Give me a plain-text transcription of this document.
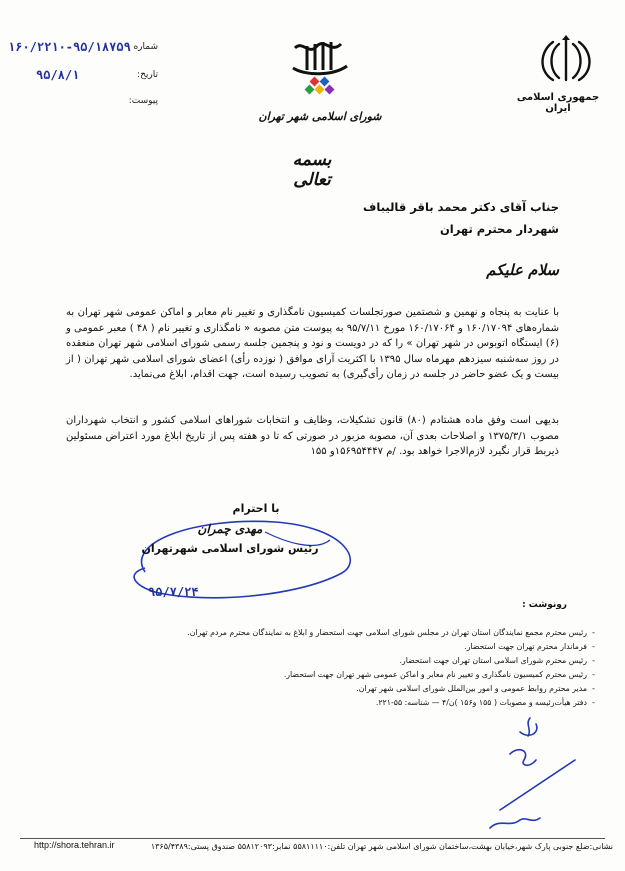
جمهوری اسلامی ایران
شورای اسلامی شهر تهران
شماره
۱۶۰/۲۲۱۰-۹۵/۱۸۷۵۹
تاریخ:
۹۵/۸/۱
پیوست:
بسمه تعالی
جناب آقای دکتر محمد باقر قالیباف
شهردار محترم تهران
سلام علیکم
با عنایت به پنجاه و نهمین و شصتمین صورتجلسات کمیسیون نامگذاری و تغییر نام معابر و اماکن عمومی شهر تهران به شماره‌های ۱۶۰/۱۷۰۹۴ و ۱۶۰/۱۷۰۶۴ مورخ ۹۵/۷/۱۱ به پیوست متن مصوبه « نامگذاری و تغییر نام ( ۴۸ ) معبر عمومی و (۶) ایستگاه اتوبوس در شهر تهران » را که در دویست و نود و پنجمین جلسه رسمی شورای اسلامی شهر تهران منعقده در روز سه‌شنبه سیزدهم مهرماه سال ۱۳۹۵ با اکثریت آرای موافق ( نوزده رأی) اعضای شورای اسلامی شهر تهران ( از بیست و یک عضو حاضر در جلسه در زمان رأی‌گیری) به تصویب رسیده است، جهت اقدام، ابلاغ می‌نماید.
بدیهی است وفق ماده هشتادم (۸۰) قانون تشکیلات، وظایف و انتخابات شوراهای اسلامی کشور و انتخاب شهرداران مصوب ۱۳۷۵/۳/۱ و اصلاحات بعدی آن، مصوبه مزبور در صورتی که تا دو هفته پس از تاریخ ابلاغ مورد اعتراض مسئولین ذیربط قرار نگیرد لازم‌الاجرا خواهد بود. /م ۱۵۶۹۵۴۴۴۷و ۱۵۵
با احترام
مهدی چمران
رئیس شورای اسلامی شهرتهران
۹۵/۷/۲۴
رونوشت :
- رئیس محترم مجمع نمایندگان استان تهران در مجلس شورای اسلامی جهت استحضار و ابلاغ به نمایندگان محترم مردم تهران.
- فرماندار محترم تهران جهت استحضار.
- رئیس محترم شورای اسلامی استان تهران جهت استحضار.
- رئیس محترم کمیسیون نامگذاری و تغییر نام معابر و اماکن عمومی شهر تهران جهت استحضار.
- مدیر محترم روابط عمومی و امور بین‌الملل شورای اسلامی شهر تهران.
- دفتر هیأت‌رئیسه و مصوبات ( ۱۵۵ و۱۵۶ )ن/۴ — شناسه: ۵۵-۲۲۱.
نشانی:ضلع جنوبی پارک شهر،خیابان بهشت،ساختمان شورای اسلامی شهر تهران تلفن:۵۵۸۱۱۱۱۰ نمابر:۵۵۸۱۲۰۹۳ صندوق پستی:۱۳۶۵/۴۳۸۹
http://shora.tehran.ir
